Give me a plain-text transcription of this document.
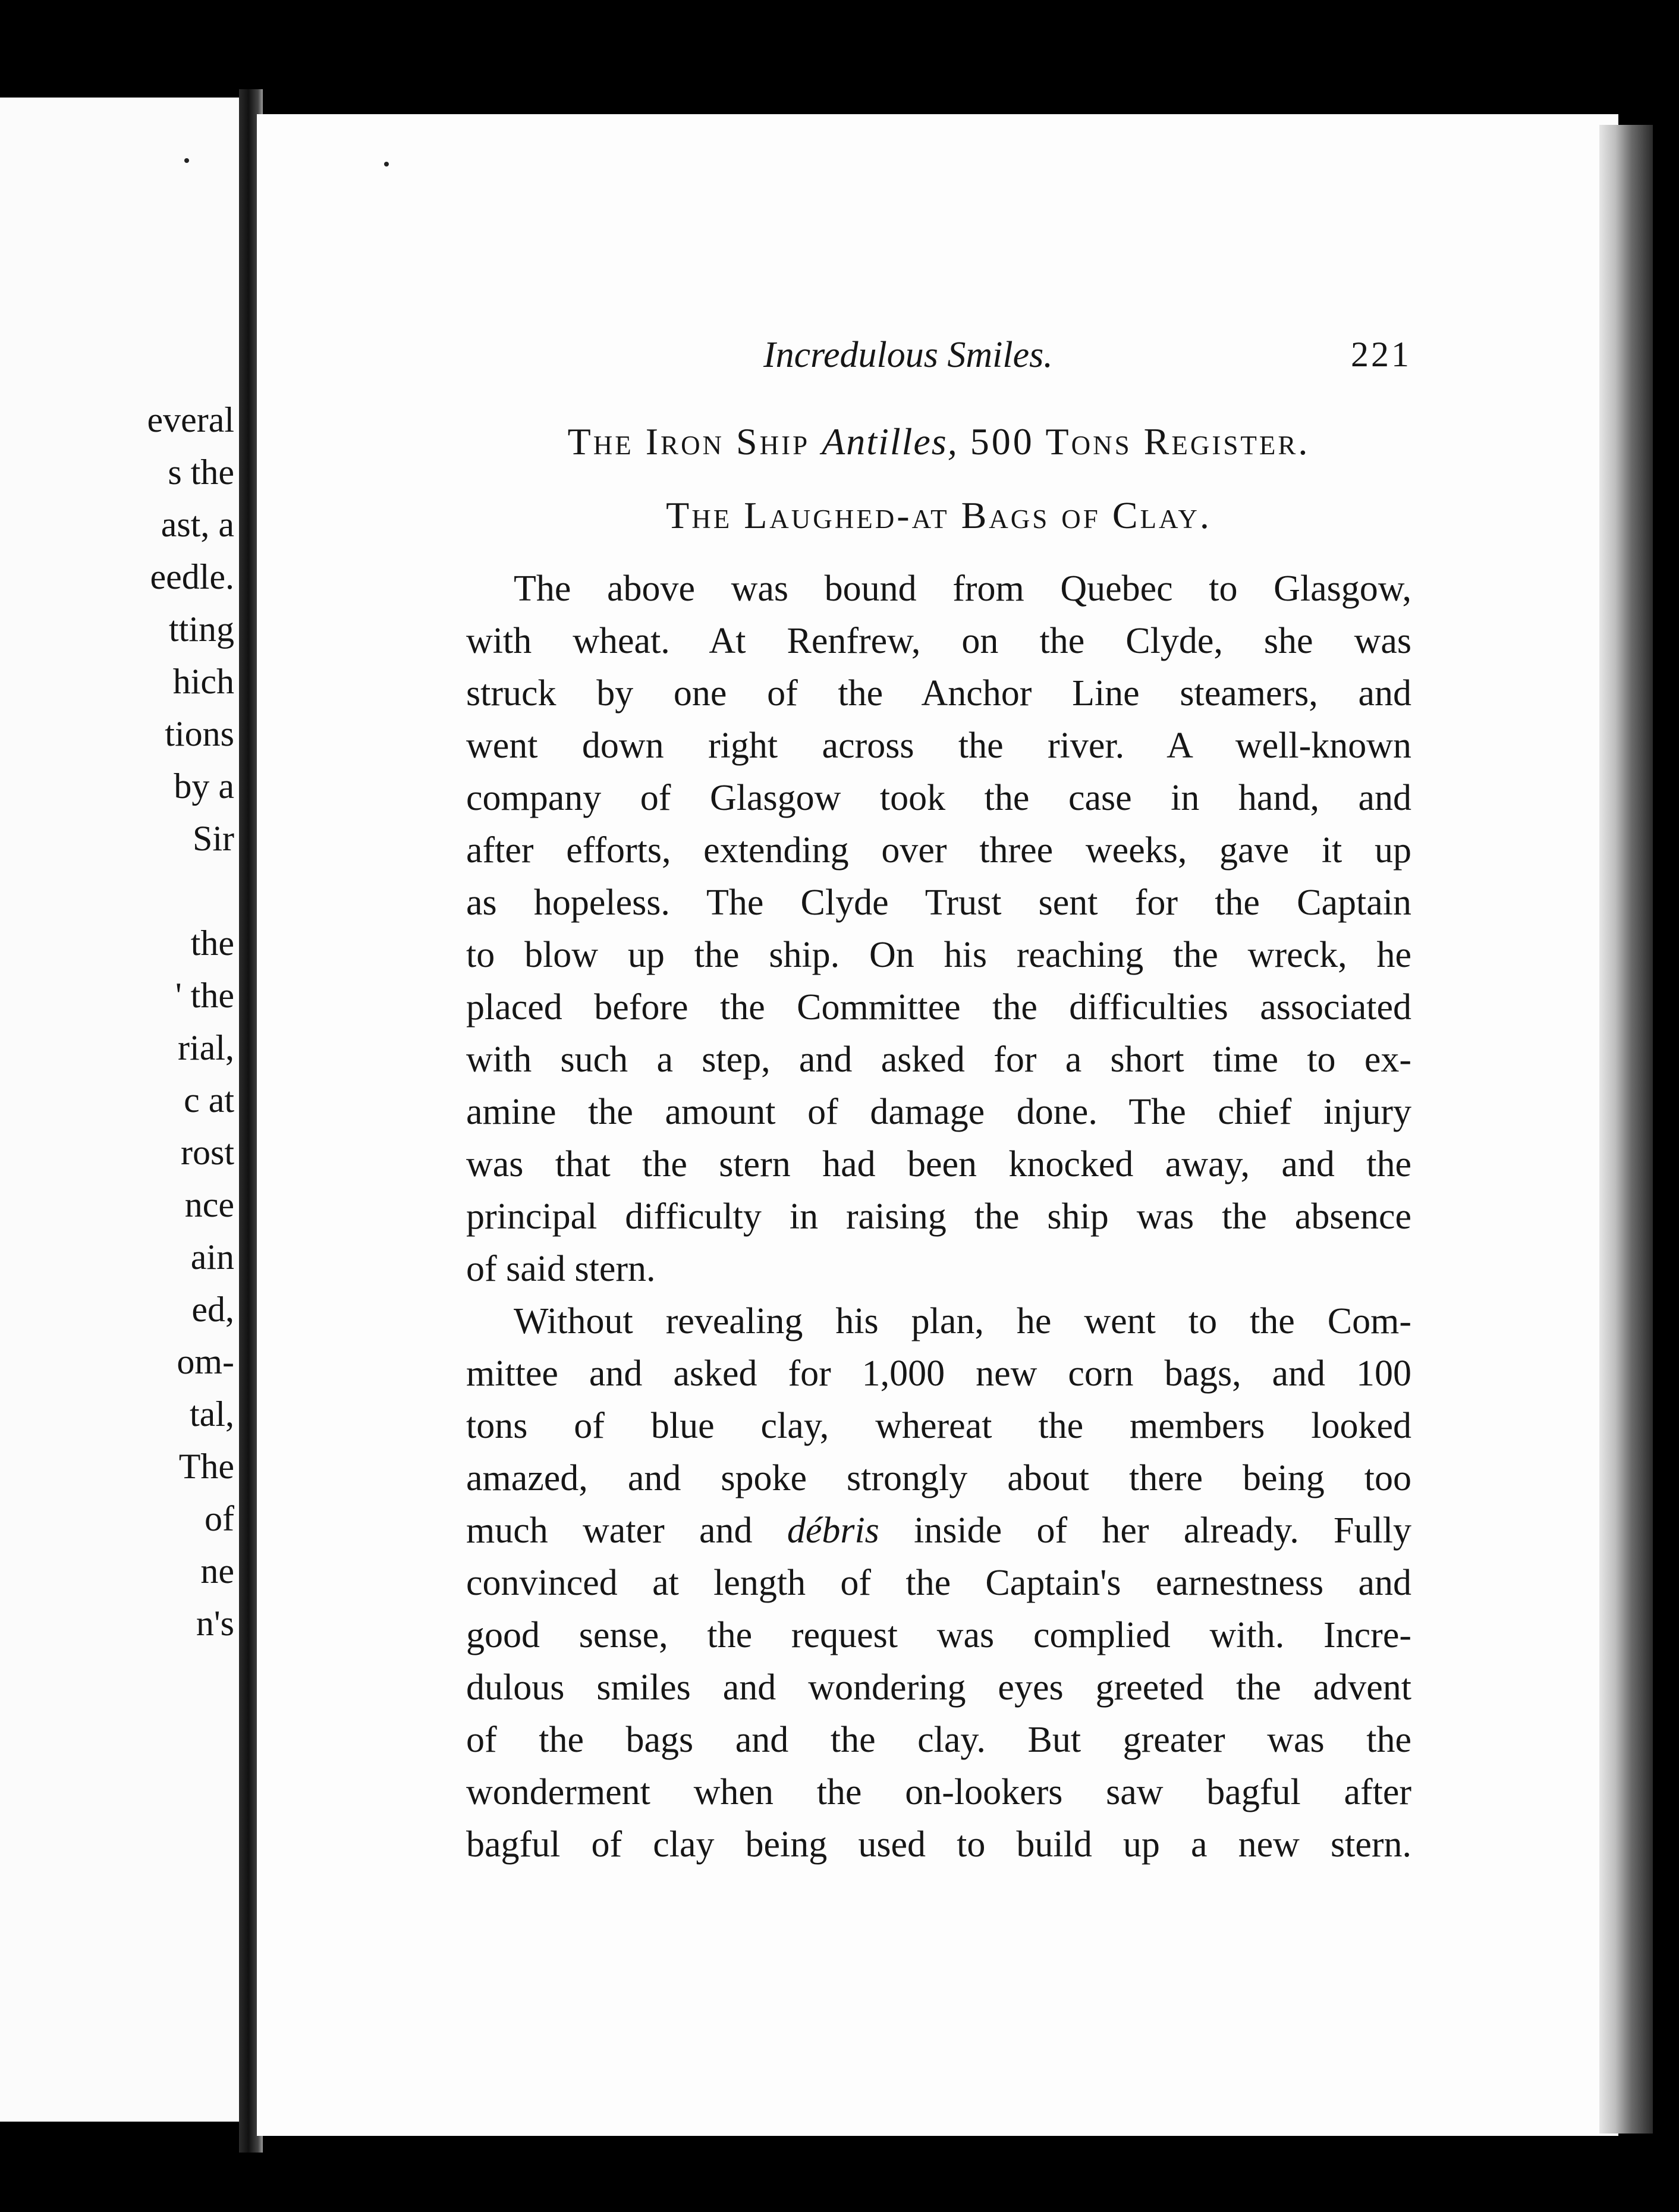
everal
s the
ast, a
eedle.
tting
hich
tions
by a
Sir
the
' the
rial,
c at
rost
nce
ain
ed,
om-
tal,
The
of
ne
n's
Incredulous Smiles.	221
The Iron Ship Antilles, 500 Tons Register.
The Laughed-at Bags of Clay.
The above was bound from Quebec to Glasgow,
with wheat. At Renfrew, on the Clyde, she was
struck by one of the Anchor Line steamers, and
went down right across the river. A well-known
company of Glasgow took the case in hand, and
after efforts, extending over three weeks, gave it up
as hopeless. The Clyde Trust sent for the Captain
to blow up the ship. On his reaching the wreck, he
placed before the Committee the difficulties associated
with such a step, and asked for a short time to ex-
amine the amount of damage done. The chief injury
was that the stern had been knocked away, and the
principal difficulty in raising the ship was the absence
of said stern.
Without revealing his plan, he went to the Com-
mittee and asked for 1,000 new corn bags, and 100
tons of blue clay, whereat the members looked
amazed, and spoke strongly about there being too
much water and débris inside of her already. Fully
convinced at length of the Captain's earnestness and
good sense, the request was complied with. Incre-
dulous smiles and wondering eyes greeted the advent
of the bags and the clay. But greater was the
wonderment when the on-lookers saw bagful after
bagful of clay being used to build up a new stern.
